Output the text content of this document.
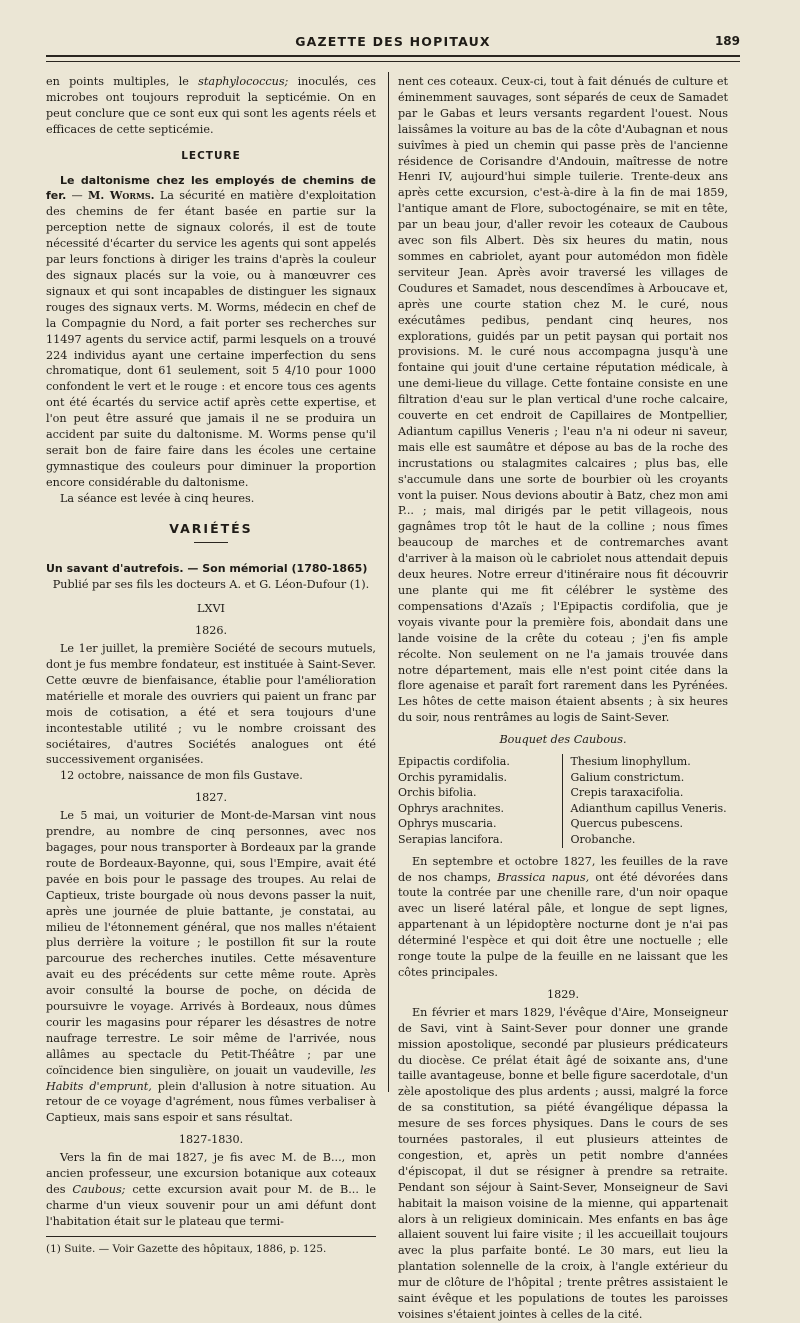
GAZETTE DES HOPITAUX	189

en points multiples, le staphylococcus; inoculés, ces microbes ont toujours reproduit la septicémie. On en peut conclure que ce sont eux qui sont les agents réels et efficaces de cette septicémie.

LECTURE

Le daltonisme chez les employés de chemins de fer. — M. Worms. La sécurité en matière d'exploitation des chemins de fer étant basée en partie sur la perception nette de signaux colorés, il est de toute nécessité d'écarter du service les agents qui sont appelés par leurs fonctions à diriger les trains d'après la couleur des signaux placés sur la voie, ou à manœuvrer ces signaux et qui sont incapables de distinguer les signaux rouges des signaux verts. M. Worms, médecin en chef de la Compagnie du Nord, a fait porter ses recherches sur 11497 agents du service actif, parmi lesquels on a trouvé 224 individus ayant une certaine imperfection du sens chromatique, dont 61 seulement, soit 5 4/10 pour 1000 confondent le vert et le rouge : et encore tous ces agents ont été écartés du service actif après cette expertise, et l'on peut être assuré que jamais il ne se produira un accident par suite du daltonisme. M. Worms pense qu'il serait bon de faire faire dans les écoles une certaine gymnastique des couleurs pour diminuer la proportion encore considérable du daltonisme.

La séance est levée à cinq heures.

VARIÉTÉS

Un savant d'autrefois. — Son mémorial (1780-1865)

Publié par ses fils les docteurs A. et G. Léon-Dufour (1).

LXVI
1826.

Le 1er juillet, la première Société de secours mutuels, dont je fus membre fondateur, est instituée à Saint-Sever. Cette œuvre de bienfaisance, établie pour l'amélioration matérielle et morale des ouvriers qui paient un franc par mois de cotisation, a été et sera toujours d'une incontestable utilité ; vu le nombre croissant des sociétaires, d'autres Sociétés analogues ont été successivement organisées.

12 octobre, naissance de mon fils Gustave.

1827.

Le 5 mai, un voiturier de Mont-de-Marsan vint nous prendre, au nombre de cinq personnes, avec nos bagages, pour nous transporter à Bordeaux par la grande route de Bordeaux-Bayonne, qui, sous l'Empire, avait été pavée en bois pour le passage des troupes. Au relai de Captieux, triste bourgade où nous devons passer la nuit, après une journée de pluie battante, je constatai, au milieu de l'étonnement général, que nos malles n'étaient plus derrière la voiture ; le postillon fit sur la route parcourue des recherches inutiles. Cette mésaventure avait eu des précédents sur cette même route. Après avoir consulté la bourse de poche, on décida de poursuivre le voyage. Arrivés à Bordeaux, nous dûmes courir les magasins pour réparer les désastres de notre naufrage terrestre. Le soir même de l'arrivée, nous allâmes au spectacle du Petit-Théâtre ; par une coïncidence bien singulière, on jouait un vaudeville, les Habits d'emprunt, plein d'allusion à notre situation. Au retour de ce voyage d'agrément, nous fûmes verbaliser à Captieux, mais sans espoir et sans résultat.

1827-1830.

Vers la fin de mai 1827, je fis avec M. de B..., mon ancien professeur, une excursion botanique aux coteaux des Caubous; cette excursion avait pour M. de B... le charme d'un vieux souvenir pour un ami défunt dont l'habitation était sur le plateau que termi-

(1) Suite. — Voir Gazette des hôpitaux, 1886, p. 125.

nent ces coteaux. Ceux-ci, tout à fait dénués de culture et éminemment sauvages, sont séparés de ceux de Samadet par le Gabas et leurs versants regardent l'ouest. Nous laissâmes la voiture au bas de la côte d'Aubagnan et nous suivîmes à pied un chemin qui passe près de l'ancienne résidence de Corisandre d'Andouin, maîtresse de notre Henri IV, aujourd'hui simple tuilerie. Trente-deux ans après cette excursion, c'est-à-dire à la fin de mai 1859, l'antique amant de Flore, suboctogénaire, se mit en tête, par un beau jour, d'aller revoir les coteaux de Caubous avec son fils Albert. Dès six heures du matin, nous sommes en cabriolet, ayant pour automédon mon fidèle serviteur Jean. Après avoir traversé les villages de Coudures et Samadet, nous descendîmes à Arboucave et, après une courte station chez M. le curé, nous exécutâmes pedibus, pendant cinq heures, nos explorations, guidés par un petit paysan qui portait nos provisions. M. le curé nous accompagna jusqu'à une fontaine qui jouit d'une certaine réputation médicale, à une demi-lieue du village. Cette fontaine consiste en une filtration d'eau sur le plan vertical d'une roche calcaire, couverte en cet endroit de Capillaires de Montpellier, Adiantum capillus Veneris ; l'eau n'a ni odeur ni saveur, mais elle est saumâtre et dépose au bas de la roche des incrustations ou stalagmites calcaires ; plus bas, elle s'accumule dans une sorte de bourbier où les croyants vont la puiser. Nous devions aboutir à Batz, chez mon ami P... ; mais, mal dirigés par le petit villageois, nous gagnâmes trop tôt le haut de la colline ; nous fîmes beaucoup de marches et de contremarches avant d'arriver à la maison où le cabriolet nous attendait depuis deux heures. Notre erreur d'itinéraire nous fit découvrir une plante qui me fit célébrer le système des compensations d'Azaïs ; l'Epipactis cordifolia, que je voyais vivante pour la première fois, abondait dans une lande voisine de la crête du coteau ; j'en fis ample récolte. Non seulement on ne l'a jamais trouvée dans notre département, mais elle n'est point citée dans la flore agenaise et paraît fort rarement dans les Pyrénées. Les hôtes de cette maison étaient absents ; à six heures du soir, nous rentrâmes au logis de Saint-Sever.

Bouquet des Caubous.
Epipactis cordifolia.
Orchis pyramidalis.
Orchis bifolia.
Ophrys arachnites.
Ophrys muscaria.
Serapias lancifora.
Thesium linophyllum.
Galium constrictum.
Crepis taraxacifolia.
Adianthum capillus Veneris.
Quercus pubescens.
Orobanche.

En septembre et octobre 1827, les feuilles de la rave de nos champs, Brassica napus, ont été dévorées dans toute la contrée par une chenille rare, d'un noir opaque avec un liseré latéral pâle, et longue de sept lignes, appartenant à un lépidoptère nocturne dont je n'ai pas déterminé l'espèce et qui doit être une noctuelle ; elle ronge toute la pulpe de la feuille en ne laissant que les côtes principales.

1829.

En février et mars 1829, l'évêque d'Aire, Monseigneur de Savi, vint à Saint-Sever pour donner une grande mission apostolique, secondé par plusieurs prédicateurs du diocèse. Ce prélat était âgé de soixante ans, d'une taille avantageuse, bonne et belle figure sacerdotale, d'un zèle apostolique des plus ardents ; aussi, malgré la force de sa constitution, sa piété évangélique dépassa la mesure de ses forces physiques. Dans le cours de ses tournées pastorales, il eut plusieurs atteintes de congestion, et, après un petit nombre d'années d'épiscopat, il dut se résigner à prendre sa retraite. Pendant son séjour à Saint-Sever, Monseigneur de Savi habitait la maison voisine de la mienne, qui appartenait alors à un religieux dominicain. Mes enfants en bas âge allaient souvent lui faire visite ; il les accueillait toujours avec la plus parfaite bonté. Le 30 mars, eut lieu la plantation solennelle de la croix, à l'angle extérieur du mur de clôture de l'hôpital ; trente prêtres assistaient le saint évêque et les populations de toutes les paroisses voisines s'étaient jointes à celles de la cité.
